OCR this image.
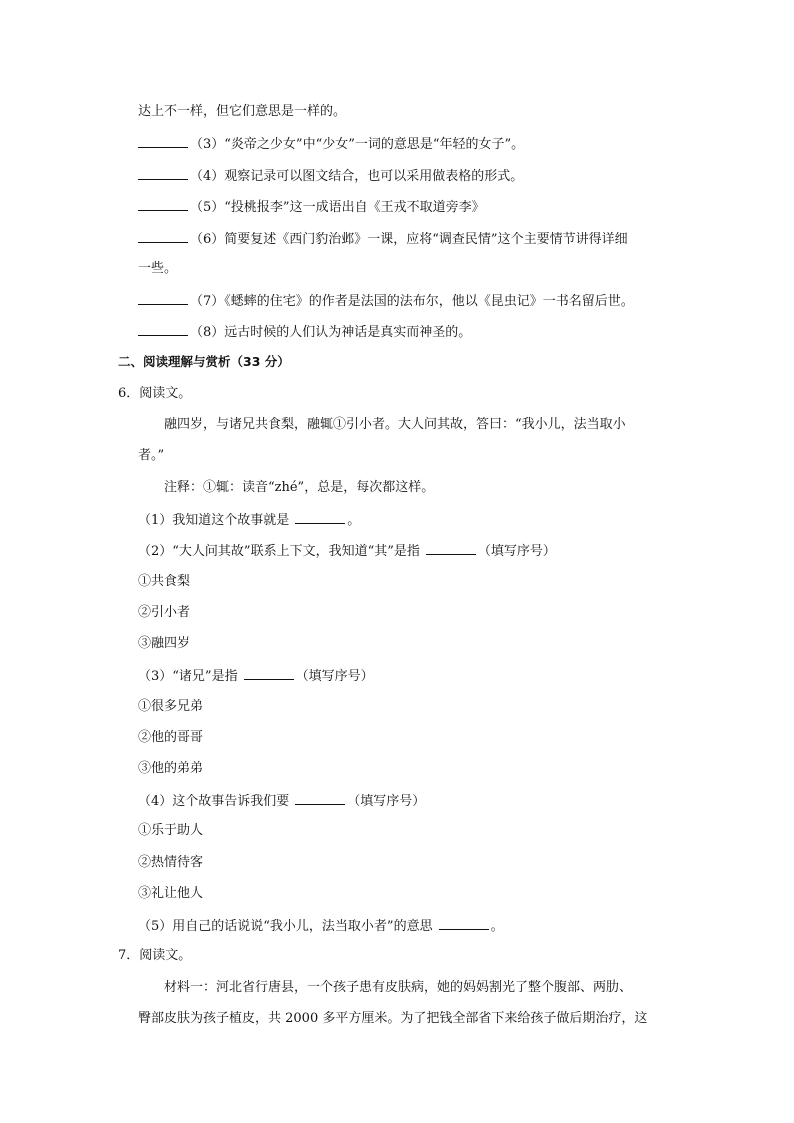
达上不一样，但它们意思是一样的。
（3）“炎帝之少女”中“少女”一词的意思是“年轻的女子”。
（4）观察记录可以图文结合，也可以采用做表格的形式。
（5）“投桃报李”这一成语出自《王戎不取道旁李》
（6）简要复述《西门豹治邺》一课，应将“调查民情”这个主要情节讲得详细
一些。
（7）《蟋蟀的住宅》的作者是法国的法布尔，他以《昆虫记》一书名留后世。
（8）远古时候的人们认为神话是真实而神圣的。
二、阅读理解与赏析（33 分）
6．阅读文。
融四岁，与诸兄共食梨，融辄①引小者。大人问其故，答曰：“我小儿，法当取小
者。”
注释：①辄：读音“zhé”，总是，每次都这样。
（1）我知道这个故事就是	。
（2）“大人问其故”联系上下文，我知道“其”是指	（填写序号）
①共食梨
②引小者
③融四岁
（3）“诸兄”是指	（填写序号）
①很多兄弟
②他的哥哥
③他的弟弟
（4）这个故事告诉我们要	（填写序号）
①乐于助人
②热情待客
③礼让他人
（5）用自己的话说说“我小儿，法当取小者”的意思	。
7．阅读文。
材料一：河北省行唐县，一个孩子患有皮肤病，她的妈妈割光了整个腹部、两肋、
臀部皮肤为孩子植皮，共 2000 多平方厘米。为了把钱全部省下来给孩子做后期治疗，这
